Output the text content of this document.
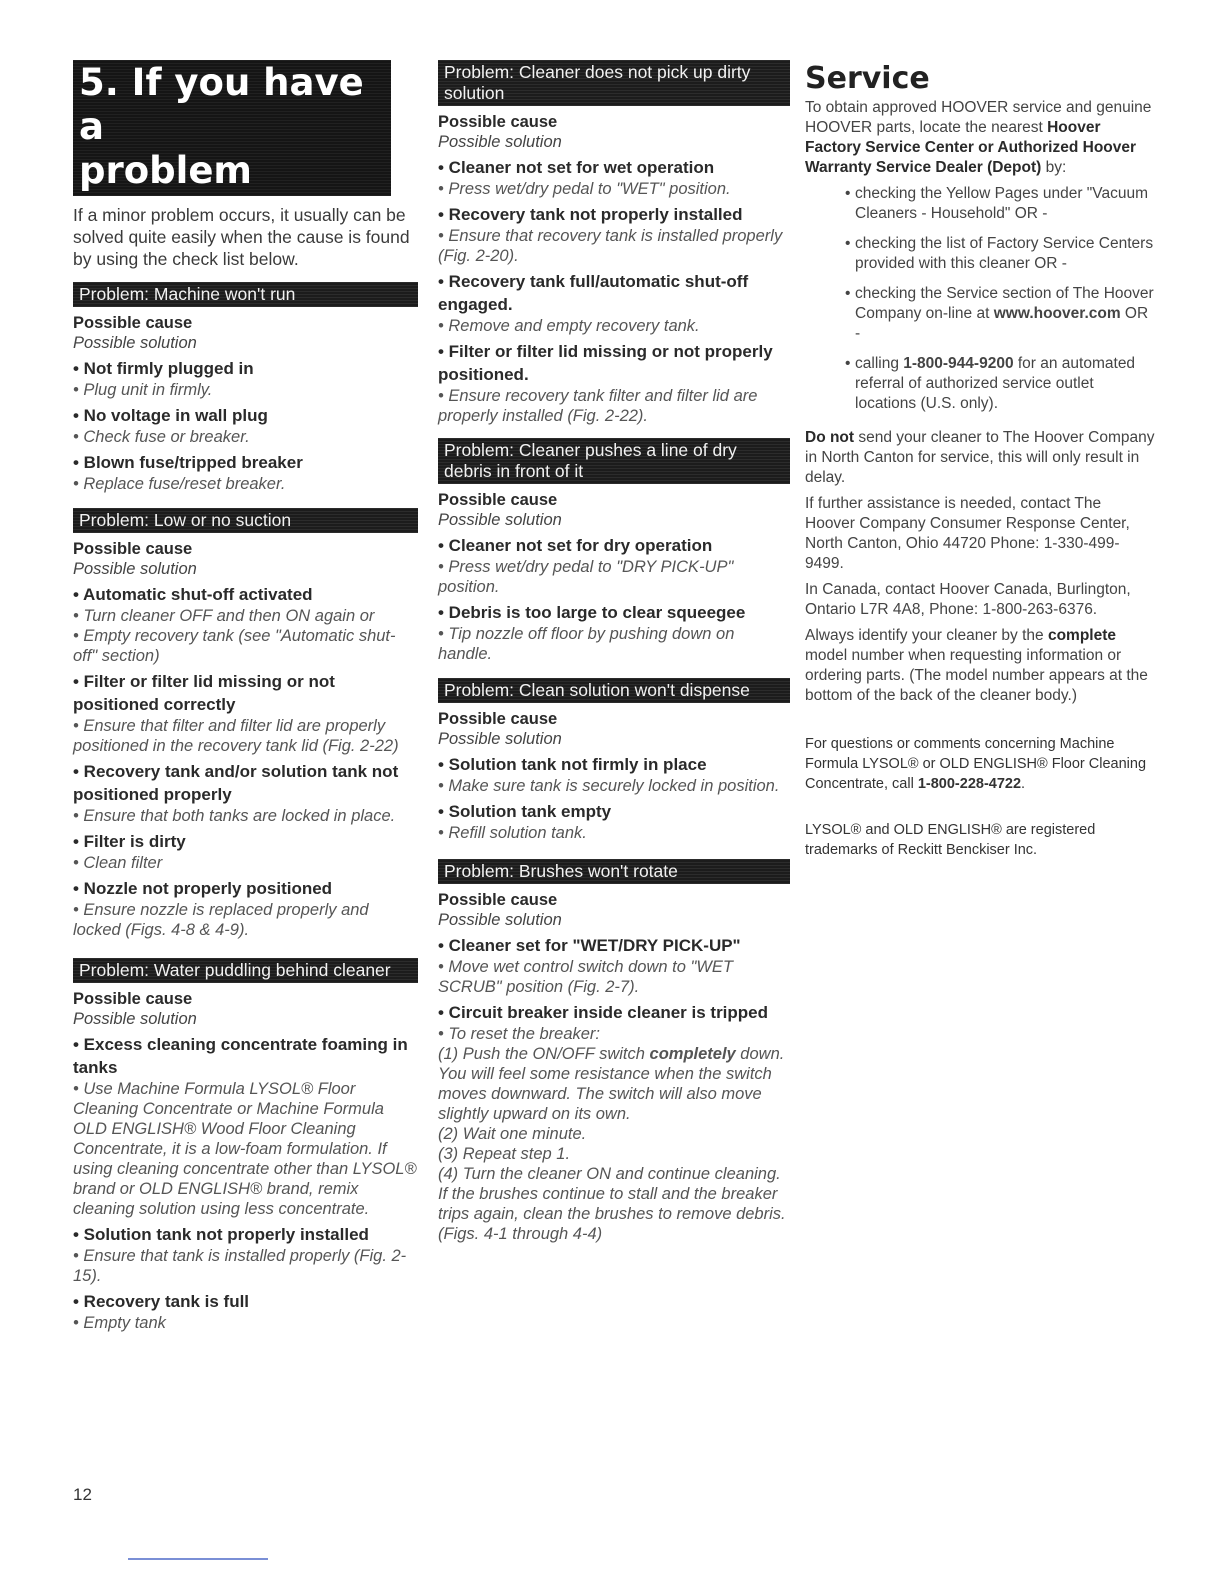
5. If you have a
problem

If a minor problem occurs, it usually can be solved quite easily when the cause is found by using the check list below.

Problem: Machine won't run

Possible cause

Possible solution

• Not firmly plugged in

• Plug unit in firmly.

• No voltage in wall plug

• Check fuse or breaker.

• Blown fuse/tripped breaker

• Replace fuse/reset breaker.

Problem: Low or no suction

Possible cause

Possible solution

• Automatic shut-off activated

• Turn cleaner OFF and then ON again or

• Empty recovery tank (see "Automatic shut-off" section)

• Filter or filter lid missing or not positioned correctly

• Ensure that filter and filter lid are properly positioned in the recovery tank lid (Fig. 2-22)

• Recovery tank and/or solution tank not positioned properly

• Ensure that both tanks are locked in place.

• Filter is dirty

• Clean filter

• Nozzle not properly positioned

• Ensure nozzle is replaced properly and locked (Figs. 4-8 & 4-9).

Problem: Water puddling behind cleaner

Possible cause

Possible solution

• Excess cleaning concentrate foaming in tanks

• Use Machine Formula LYSOL® Floor Cleaning Concentrate or Machine Formula OLD ENGLISH® Wood Floor Cleaning Concentrate, it is a low-foam formulation. If using cleaning concentrate other than LYSOL® brand or OLD ENGLISH® brand, remix cleaning solution using less concentrate.

• Solution tank not properly installed

• Ensure that tank is installed properly (Fig. 2-15).

• Recovery tank is full

• Empty tank

Problem: Cleaner does not pick up dirty solution

Possible cause

Possible solution

• Cleaner not set for wet operation

• Press wet/dry pedal to "WET" position.

• Recovery tank not properly installed

• Ensure that recovery tank is installed properly (Fig. 2-20).

• Recovery tank full/automatic shut-off engaged.

• Remove and empty recovery tank.

• Filter or filter lid missing or not properly positioned.

• Ensure recovery tank filter and filter lid are properly installed (Fig. 2-22).

Problem: Cleaner pushes a line of dry debris in front of it

Possible cause

Possible solution

• Cleaner not set for dry operation

• Press wet/dry pedal to "DRY PICK-UP" position.

• Debris is too large to clear squeegee

• Tip nozzle off floor by pushing down on handle.

Problem: Clean solution won't dispense

Possible cause

Possible solution

• Solution tank not firmly in place

• Make sure tank is securely locked in position.

• Solution tank empty

• Refill solution tank.

Problem: Brushes won't rotate

Possible cause

Possible solution

• Cleaner set for "WET/DRY PICK-UP"

• Move wet control switch down to "WET SCRUB" position (Fig. 2-7).

• Circuit breaker inside cleaner is tripped

• To reset the breaker:

(1) Push the ON/OFF switch completely down. You will feel some resistance when the switch moves downward. The switch will also move slightly upward on its own.

(2) Wait one minute.

(3) Repeat step 1.

(4) Turn the cleaner ON and continue cleaning.

If the brushes continue to stall and the breaker trips again, clean the brushes to remove debris. (Figs. 4-1 through 4-4)

Service

To obtain approved HOOVER service and genuine HOOVER parts, locate the nearest Hoover Factory Service Center or Authorized Hoover Warranty Service Dealer (Depot) by:

• checking the Yellow Pages under "Vacuum Cleaners - Household" OR -
• checking the list of Factory Service Centers provided with this cleaner OR -
• checking the Service section of The Hoover Company on-line at www.hoover.com OR -
• calling 1-800-944-9200 for an automated referral of authorized service outlet locations (U.S. only).

Do not send your cleaner to The Hoover Company in North Canton for service, this will only result in delay.

If further assistance is needed, contact The Hoover Company Consumer Response Center, North Canton, Ohio 44720 Phone: 1-330-499-9499.

In Canada, contact Hoover Canada, Burlington, Ontario L7R 4A8, Phone: 1-800-263-6376.

Always identify your cleaner by the complete model number when requesting information or ordering parts. (The model number appears at the bottom of the back of the cleaner body.)

For questions or comments concerning Machine Formula LYSOL® or OLD ENGLISH® Floor Cleaning Concentrate, call 1-800-228-4722.

LYSOL® and OLD ENGLISH® are registered trademarks of Reckitt Benckiser Inc.

12
